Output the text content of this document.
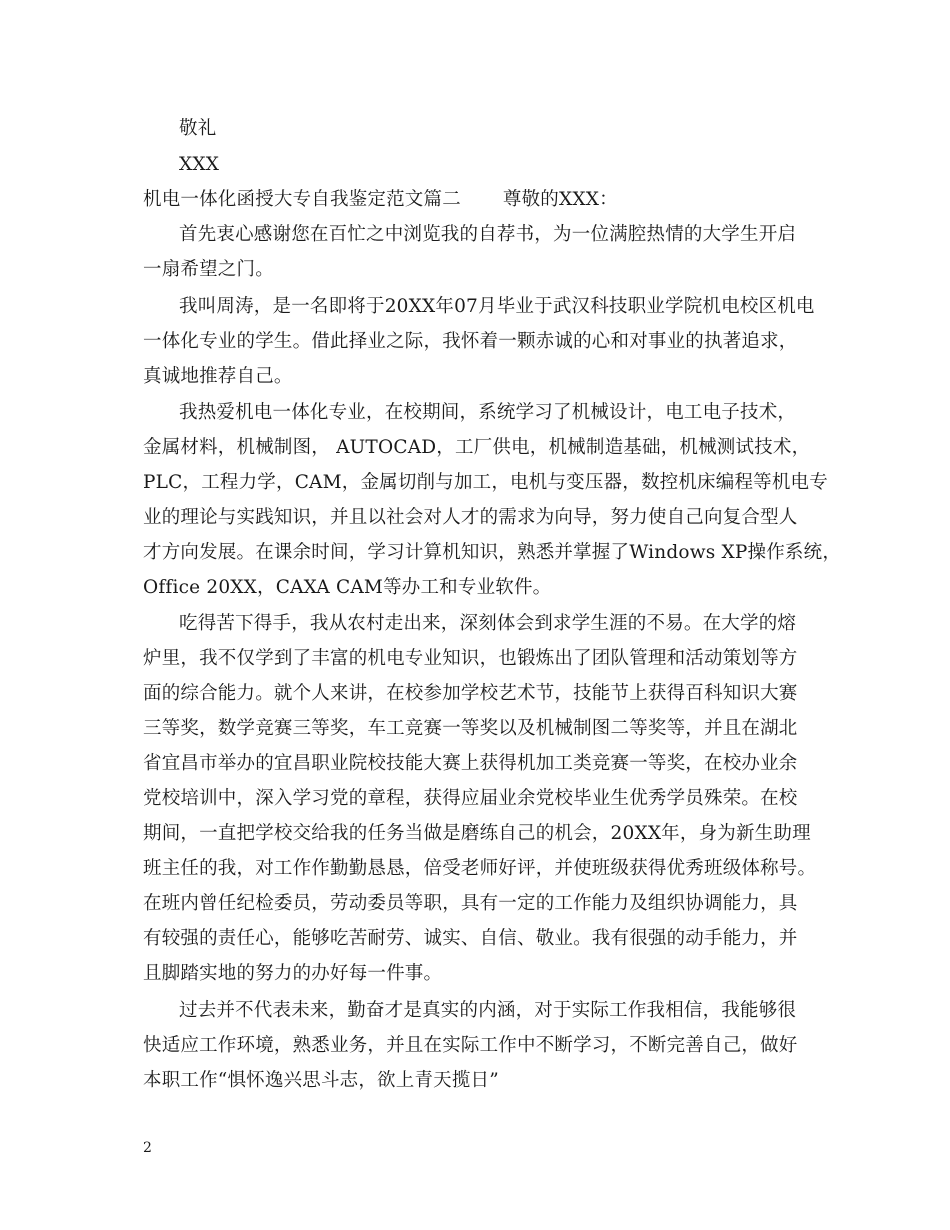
敬礼
XXX
机电一体化函授大专自我鉴定范文篇二 尊敬的XXX：
首先衷心感谢您在百忙之中浏览我的自荐书，为一位满腔热情的大学生开启
一扇希望之门。
我叫周涛，是一名即将于20XX年07月毕业于武汉科技职业学院机电校区机电
一体化专业的学生。借此择业之际，我怀着一颗赤诚的心和对事业的执著追求，
真诚地推荐自己。
我热爱机电一体化专业，在校期间，系统学习了机械设计，电工电子技术，
金属材料，机械制图， AUTOCAD，工厂供电，机械制造基础，机械测试技术，
PLC，工程力学，CAM，金属切削与加工，电机与变压器，数控机床编程等机电专
业的理论与实践知识，并且以社会对人才的需求为向导，努力使自己向复合型人
才方向发展。在课余时间，学习计算机知识，熟悉并掌握了Windows XP操作系统，
Office 20XX，CAXA CAM等办工和专业软件。
吃得苦下得手，我从农村走出来，深刻体会到求学生涯的不易。在大学的熔
炉里，我不仅学到了丰富的机电专业知识，也锻炼出了团队管理和活动策划等方
面的综合能力。就个人来讲，在校参加学校艺术节，技能节上获得百科知识大赛
三等奖，数学竞赛三等奖，车工竞赛一等奖以及机械制图二等奖等，并且在湖北
省宜昌市举办的宜昌职业院校技能大赛上获得机加工类竞赛一等奖，在校办业余
党校培训中，深入学习党的章程，获得应届业余党校毕业生优秀学员殊荣。在校
期间，一直把学校交给我的任务当做是磨练自己的机会，20XX年，身为新生助理
班主任的我，对工作作勤勤恳恳，倍受老师好评，并使班级获得优秀班级体称号。
在班内曾任纪检委员，劳动委员等职，具有一定的工作能力及组织协调能力，具
有较强的责任心，能够吃苦耐劳、诚实、自信、敬业。我有很强的动手能力，并
且脚踏实地的努力的办好每一件事。
过去并不代表未来，勤奋才是真实的内涵，对于实际工作我相信，我能够很
快适应工作环境，熟悉业务，并且在实际工作中不断学习，不断完善自己，做好
本职工作“惧怀逸兴思斗志，欲上青天揽日”
2
